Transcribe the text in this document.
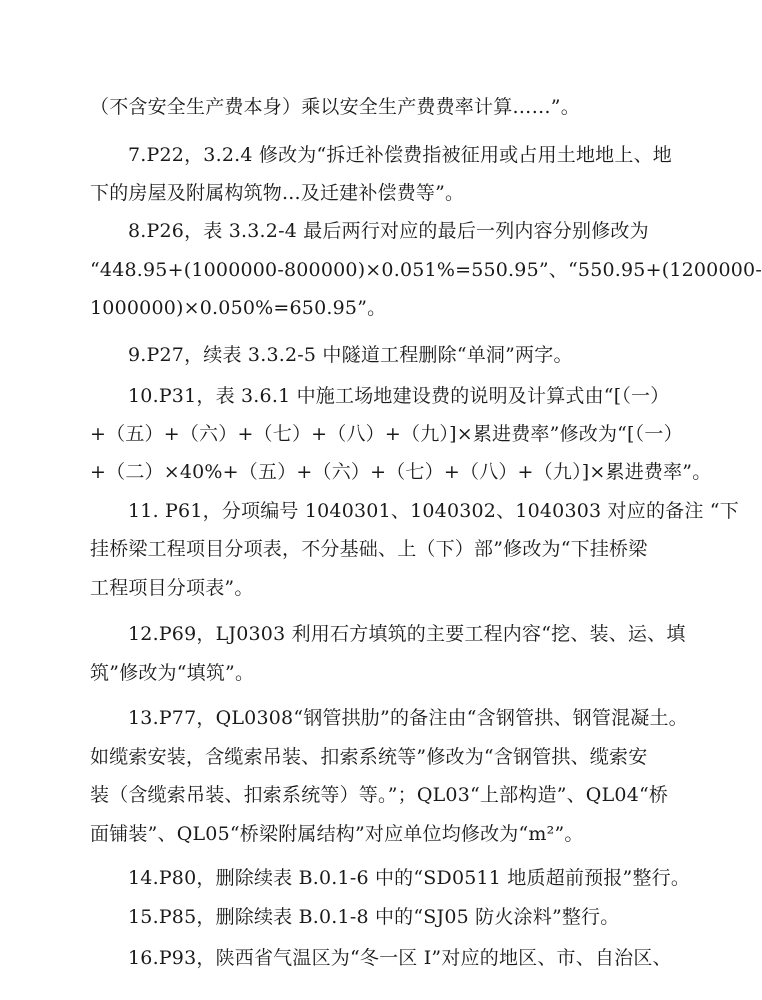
（不含安全生产费本身）乘以安全生产费费率计算……”。
7.P22，3.2.4 修改为“拆迁补偿费指被征用或占用土地地上、地
下的房屋及附属构筑物...及迁建补偿费等”。
8.P26，表 3.3.2-4 最后两行对应的最后一列内容分别修改为
“448.95+(1000000-800000)×0.051%=550.95”、“550.95+(1200000-
1000000)×0.050%=650.95”。
9.P27，续表 3.3.2-5 中隧道工程删除“单洞”两字。
10.P31，表 3.6.1 中施工场地建设费的说明及计算式由“[（一）
+（五）+（六）+（七）+（八）+（九）]×累进费率”修改为“[（一）
+（二）×40%+（五）+（六）+（七）+（八）+（九）]×累进费率”。
11. P61，分项编号 1040301、1040302、1040303 对应的备注 “下
挂桥梁工程项目分项表，不分基础、上（下）部”修改为“下挂桥梁
工程项目分项表”。
12.P69，LJ0303 利用石方填筑的主要工程内容“挖、装、运、填
筑”修改为“填筑”。
13.P77，QL0308“钢管拱肋”的备注由“含钢管拱、钢管混凝土。
如缆索安装，含缆索吊装、扣索系统等”修改为“含钢管拱、缆索安
装（含缆索吊装、扣索系统等）等。”；QL03“上部构造”、QL04“桥
面铺装”、QL05“桥梁附属结构”对应单位均修改为“m²”。
14.P80，删除续表 B.0.1-6 中的“SD0511 地质超前预报”整行。
15.P85，删除续表 B.0.1-8 中的“SJ05 防火涂料”整行。
16.P93，陕西省气温区为“冬一区 I”对应的地区、市、自治区、
